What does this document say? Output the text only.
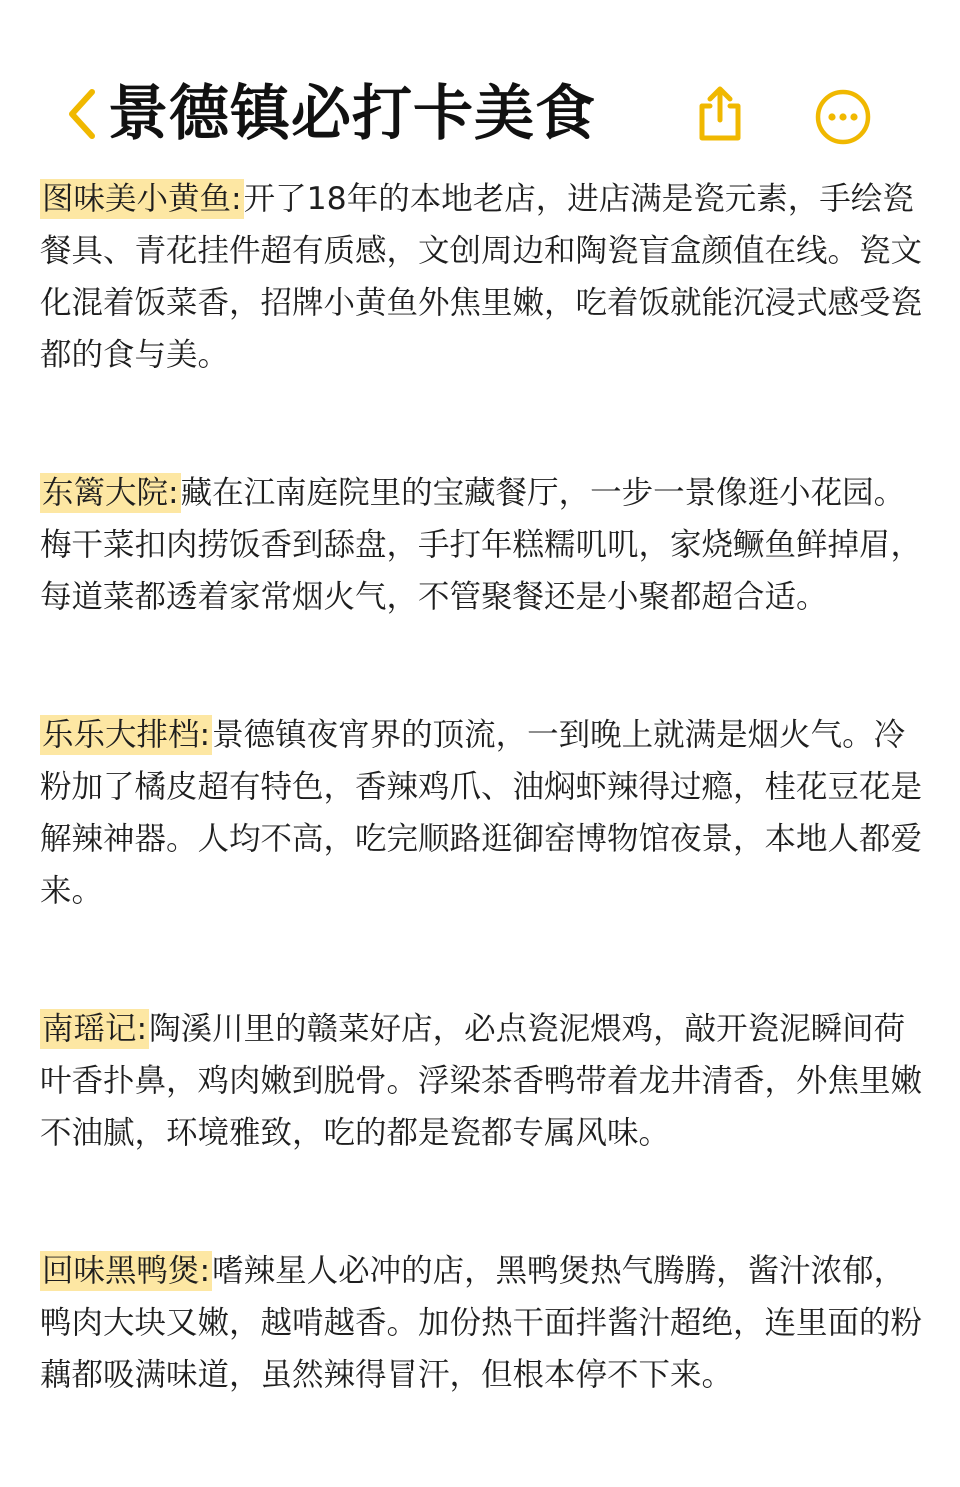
景德镇必打卡美食

图味美小黄鱼:开了18年的本地老店，进店满是瓷元素，手绘瓷餐具、青花挂件超有质感，文创周边和陶瓷盲盒颜值在线。瓷文化混着饭菜香，招牌小黄鱼外焦里嫩，吃着饭就能沉浸式感受瓷都的食与美。

东篱大院:藏在江南庭院里的宝藏餐厅，一步一景像逛小花园。梅干菜扣肉捞饭香到舔盘，手打年糕糯叽叽，家烧鳜鱼鲜掉眉，每道菜都透着家常烟火气，不管聚餐还是小聚都超合适。

乐乐大排档:景德镇夜宵界的顶流，一到晚上就满是烟火气。冷粉加了橘皮超有特色，香辣鸡爪、油焖虾辣得过瘾，桂花豆花是解辣神器。人均不高，吃完顺路逛御窑博物馆夜景，本地人都爱来。

南瑶记:陶溪川里的赣菜好店，必点瓷泥煨鸡，敲开瓷泥瞬间荷叶香扑鼻，鸡肉嫩到脱骨。浮梁茶香鸭带着龙井清香，外焦里嫩不油腻，环境雅致，吃的都是瓷都专属风味。

回味黑鸭煲:嗜辣星人必冲的店，黑鸭煲热气腾腾，酱汁浓郁，鸭肉大块又嫩，越啃越香。加份热干面拌酱汁超绝，连里面的粉藕都吸满味道，虽然辣得冒汗，但根本停不下来。
